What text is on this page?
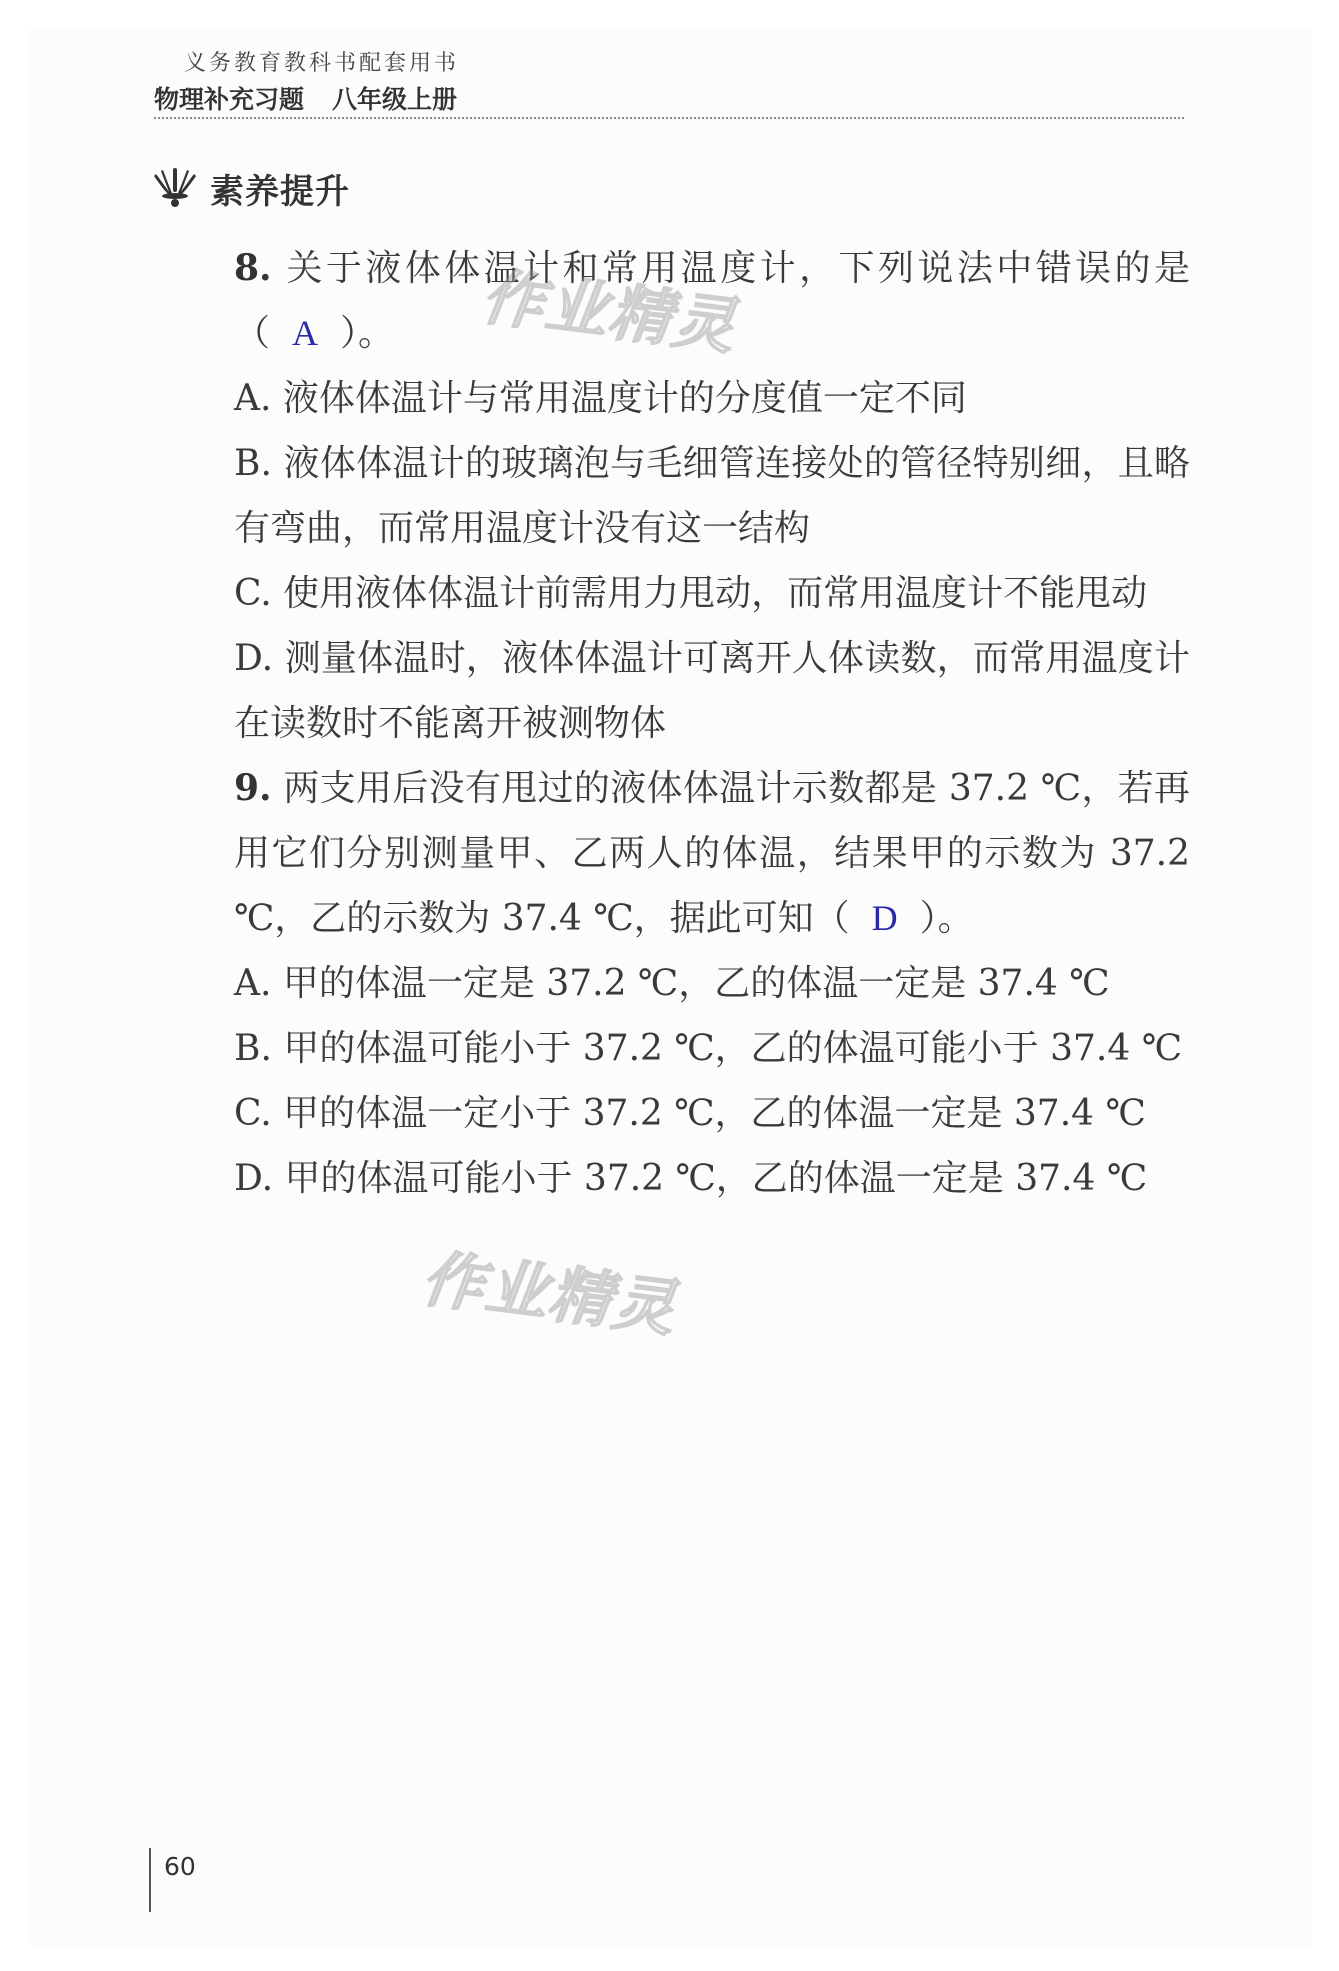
义务教育教科书配套用书
物理补充习题 八年级上册
素养提升

8. 关于液体体温计和常用温度计，下列说法中错误的是（ A ）。

A. 液体体温计与常用温度计的分度值一定不同

B. 液体体温计的玻璃泡与毛细管连接处的管径特别细，且略有弯曲，而常用温度计没有这一结构

C. 使用液体体温计前需用力甩动，而常用温度计不能甩动

D. 测量体温时，液体体温计可离开人体读数，而常用温度计在读数时不能离开被测物体

9. 两支用后没有甩过的液体体温计示数都是 37.2 ℃，若再用它们分别测量甲、乙两人的体温，结果甲的示数为 37.2 ℃，乙的示数为 37.4 ℃，据此可知（ D ）。

A. 甲的体温一定是 37.2 ℃，乙的体温一定是 37.4 ℃

B. 甲的体温可能小于 37.2 ℃，乙的体温可能小于 37.4 ℃

C. 甲的体温一定小于 37.2 ℃，乙的体温一定是 37.4 ℃

D. 甲的体温可能小于 37.2 ℃，乙的体温一定是 37.4 ℃

60
